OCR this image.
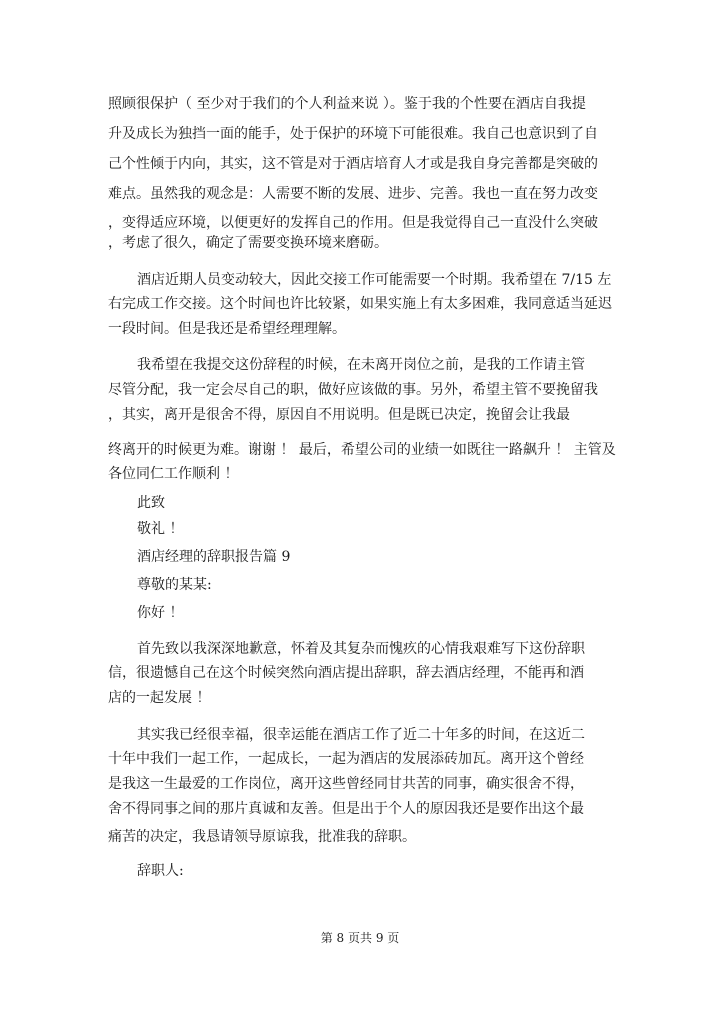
照顾很保护（ 至少对于我们的个人利益来说 ）。鉴于我的个性要在酒店自我提
升及成长为独挡一面的能手，处于保护的环境下可能很难。我自己也意识到了自
己个性倾于内向，其实，这不管是对于酒店培育人才或是我自身完善都是突破的
难点。虽然我的观念是：人需要不断的发展、进步、完善。我也一直在努力改变
，变得适应环境，以便更好的发挥自己的作用。但是我觉得自己一直没什么突破
，考虑了很久，确定了需要变换环境来磨砺。
酒店近期人员变动较大，因此交接工作可能需要一个时期。我希望在 7/15 左
右完成工作交接。这个时间也许比较紧，如果实施上有太多困难，我同意适当延迟
一段时间。但是我还是希望经理理解。
我希望在我提交这份辞程的时候，在未离开岗位之前，是我的工作请主管
尽管分配，我一定会尽自己的职，做好应该做的事。另外，希望主管不要挽留我
，其实，离开是很舍不得，原因自不用说明。但是既已决定，挽留会让我最
终离开的时候更为难。谢谢 ！ 最后，希望公司的业绩一如既往一路飙升 ！ 主管及
各位同仁工作顺利 ！
此致
敬礼 ！
酒店经理的辞职报告篇 9
尊敬的某某:
你好 ！
首先致以我深深地歉意，怀着及其复杂而愧疚的心情我艰难写下这份辞职
信，很遗憾自己在这个时候突然向酒店提出辞职，辞去酒店经理，不能再和酒
店的一起发展 ！
其实我已经很幸福，很幸运能在酒店工作了近二十年多的时间，在这近二
十年中我们一起工作，一起成长，一起为酒店的发展添砖加瓦。离开这个曾经
是我这一生最爱的工作岗位，离开这些曾经同甘共苦的同事，确实很舍不得，
舍不得同事之间的那片真诚和友善。但是出于个人的原因我还是要作出这个最
痛苦的决定，我恳请领导原谅我，批准我的辞职。
辞职人:
第 8 页共 9 页
